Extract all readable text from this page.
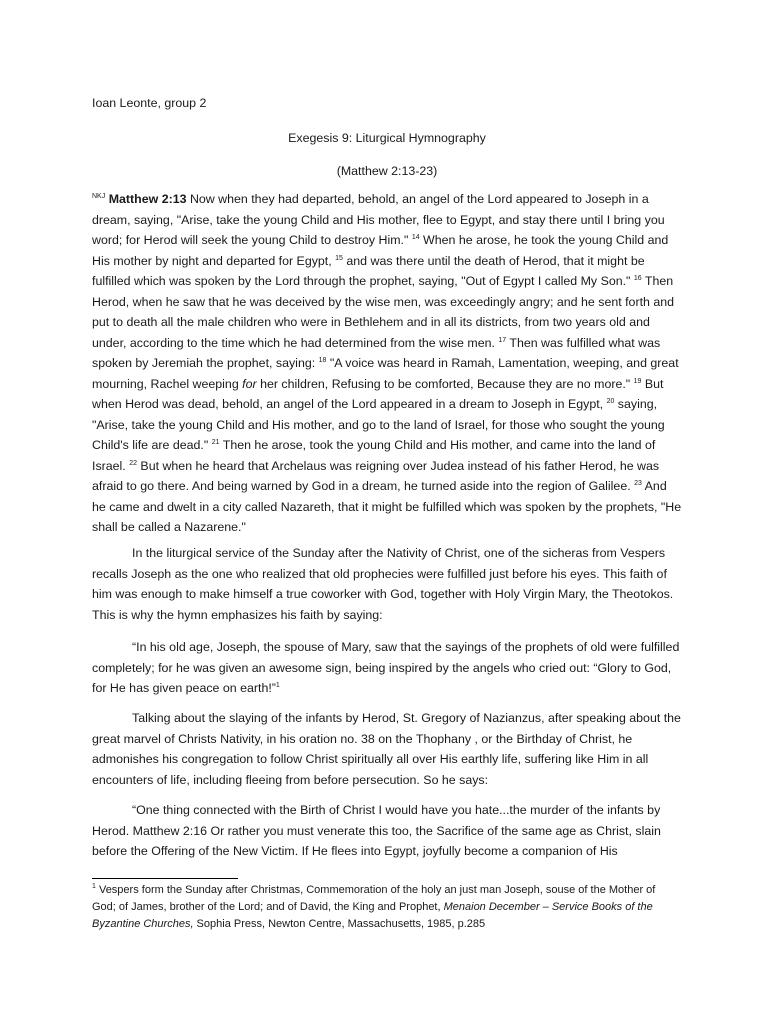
Ioan Leonte, group 2
Exegesis 9: Liturgical Hymnography
(Matthew 2:13-23)

$^{NKJ}$ Matthew 2:13 Now when they had departed, behold, an angel of the Lord appeared to Joseph in a dream, saying, "Arise, take the young Child and His mother, flee to Egypt, and stay there until I bring you word; for Herod will seek the young Child to destroy Him." $^{14}$ When he arose, he took the young Child and His mother by night and departed for Egypt, $^{15}$ and was there until the death of Herod, that it might be fulfilled which was spoken by the Lord through the prophet, saying, "Out of Egypt I called My Son." $^{16}$ Then Herod, when he saw that he was deceived by the wise men, was exceedingly angry; and he sent forth and put to death all the male children who were in Bethlehem and in all its districts, from two years old and under, according to the time which he had determined from the wise men. $^{17}$ Then was fulfilled what was spoken by Jeremiah the prophet, saying: $^{18}$ "A voice was heard in Ramah, Lamentation, weeping, and great mourning, Rachel weeping for her children, Refusing to be comforted, Because they are no more." $^{19}$ But when Herod was dead, behold, an angel of the Lord appeared in a dream to Joseph in Egypt, $^{20}$ saying, "Arise, take the young Child and His mother, and go to the land of Israel, for those who sought the young Child's life are dead." $^{21}$ Then he arose, took the young Child and His mother, and came into the land of Israel. $^{22}$ But when he heard that Archelaus was reigning over Judea instead of his father Herod, he was afraid to go there. And being warned by God in a dream, he turned aside into the region of Galilee. $^{23}$ And he came and dwelt in a city called Nazareth, that it might be fulfilled which was spoken by the prophets, "He shall be called a Nazarene."

In the liturgical service of the Sunday after the Nativity of Christ, one of the sicheras from Vespers recalls Joseph as the one who realized that old prophecies were fulfilled just before his eyes. This faith of him was enough to make himself a true coworker with God, together with Holy Virgin Mary, the Theotokos. This is why the hymn emphasizes his faith by saying:

“In his old age, Joseph, the spouse of Mary, saw that the sayings of the prophets of old were fulfilled completely; for he was given an awesome sign, being inspired by the angels who cried out: “Glory to God, for He has given peace on earth!”$^1$

Talking about the slaying of the infants by Herod, St. Gregory of Nazianzus, after speaking about the great marvel of Christs Nativity, in his oration no. 38 on the Thophany , or the Birthday of Christ, he admonishes his congregation to follow Christ spiritually all over His earthly life, suffering like Him in all encounters of life, including fleeing from before persecution. So he says:

“One thing connected with the Birth of Christ I would have you hate...the murder of the infants by Herod. Matthew 2:16 Or rather you must venerate this too, the Sacrifice of the same age as Christ, slain before the Offering of the New Victim. If He flees into Egypt, joyfully become a companion of His

$^1$ Vespers form the Sunday after Christmas, Commemoration of the holy an just man Joseph, souse of the Mother of God; of James, brother of the Lord; and of David, the King and Prophet, Menaion December – Service Books of the Byzantine Churches, Sophia Press, Newton Centre, Massachusetts, 1985, p.285
